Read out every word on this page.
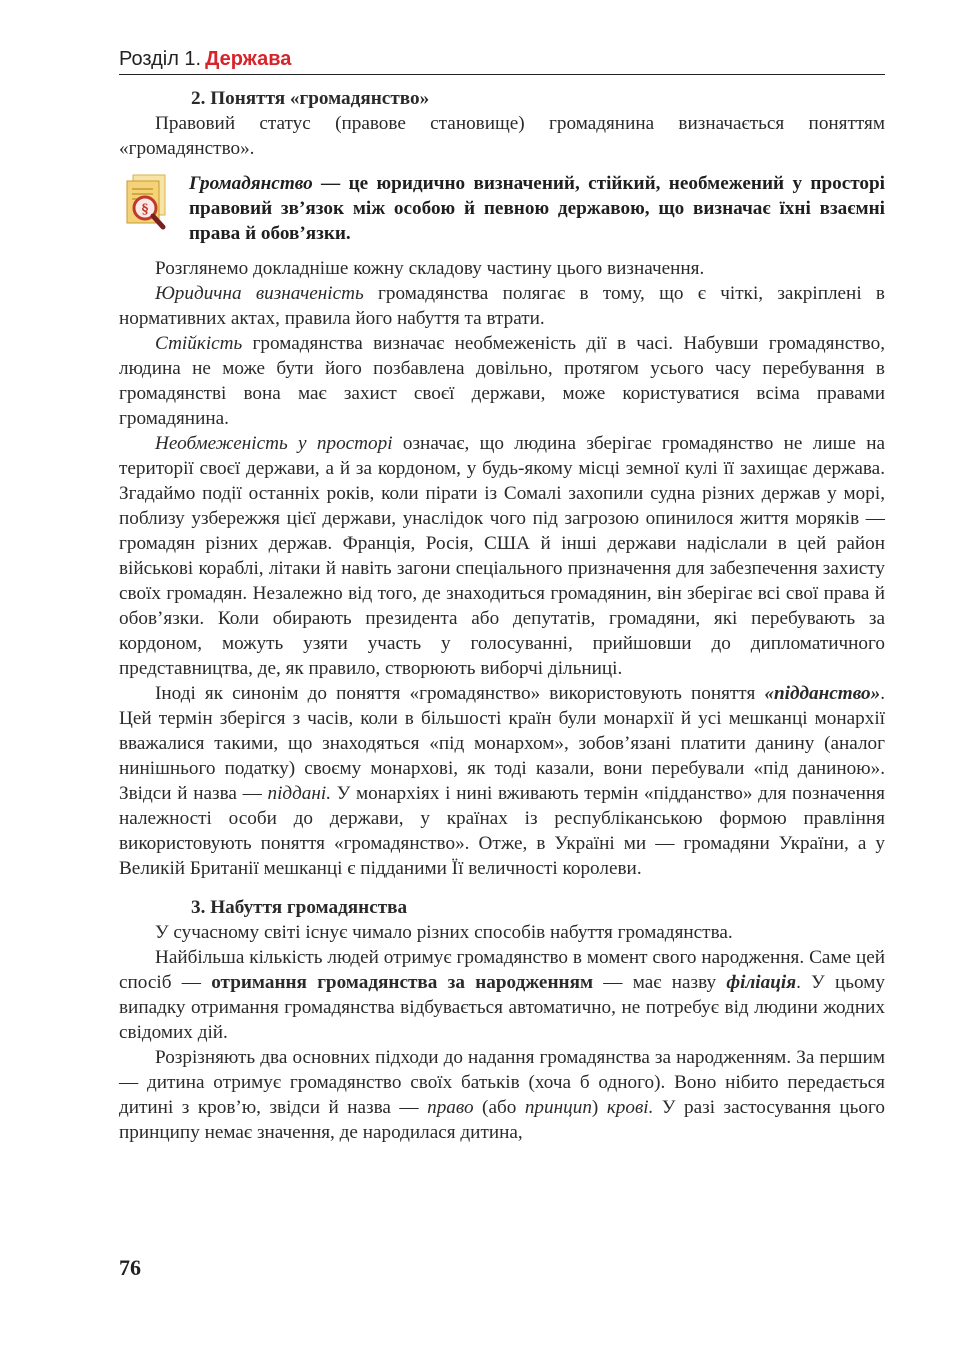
Розділ 1. Держава

2. Поняття «громадянство»

Правовий статус (правове становище) громадянина визначається поняттям «громадянство».

§

Громадянство — це юридично визначений, стійкий, необмежений у просторі правовий зв’язок між особою й певною державою, що визначає їхні взаємні права й обов’язки.

Розглянемо докладніше кожну складову частину цього визначення.

Юридична визначеність громадянства полягає в тому, що є чіткі, закріплені в нормативних актах, правила його набуття та втрати.

Стійкість громадянства визначає необмеженість дії в часі. Набувши громадянство, людина не може бути його позбавлена довільно, протягом усього часу перебування в громадянстві вона має захист своєї держави, може користуватися всіма правами громадянина.

Необмеженість у просторі означає, що людина зберігає громадянство не лише на території своєї держави, а й за кордоном, у будь-якому місці земної кулі її захищає держава. Згадаймо події останніх років, коли пірати із Сомалі захопили судна різних держав у морі, поблизу узбережжя цієї держави, унаслідок чого під загрозою опинилося життя моряків — громадян різних держав. Франція, Росія, США й інші держави надіслали в цей район військові кораблі, літаки й навіть загони спеціального призначення для забезпечення захисту своїх громадян. Незалежно від того, де знаходиться громадянин, він зберігає всі свої права й обов’язки. Коли обирають президента або депутатів, громадяни, які перебувають за кордоном, можуть узяти участь у голосуванні, прийшовши до дипломатичного представництва, де, як правило, створюють виборчі дільниці.

Іноді як синонім до поняття «громадянство» використовують поняття «підданство». Цей термін зберігся з часів, коли в більшості країн були монархії й усі мешканці монархії вважалися такими, що знаходяться «під монархом», зобов’язані платити данину (аналог нинішнього податку) своєму монархові, як тоді казали, вони перебували «під даниною». Звідси й назва — піддані. У монархіях і нині вживають термін «підданство» для позначення належності особи до держави, у країнах із республіканською формою правління використовують поняття «громадянство». Отже, в Україні ми — громадяни України, а у Великій Британії мешканці є підданими Її величності королеви.

3. Набуття громадянства

У сучасному світі існує чимало різних способів набуття громадянства.

Найбільша кількість людей отримує громадянство в момент свого народження. Саме цей спосіб — отримання громадянства за народженням — має назву філіація. У цьому випадку отримання громадянства відбувається автоматично, не потребує від людини жодних свідомих дій.

Розрізняють два основних підходи до надання громадянства за народженням. За першим — дитина отримує громадянство своїх батьків (хоча б одного). Воно нібито передається дитині з кров’ю, звідси й назва — право (або принцип) крові. У разі застосування цього принципу немає значення, де народилася дитина,

76
